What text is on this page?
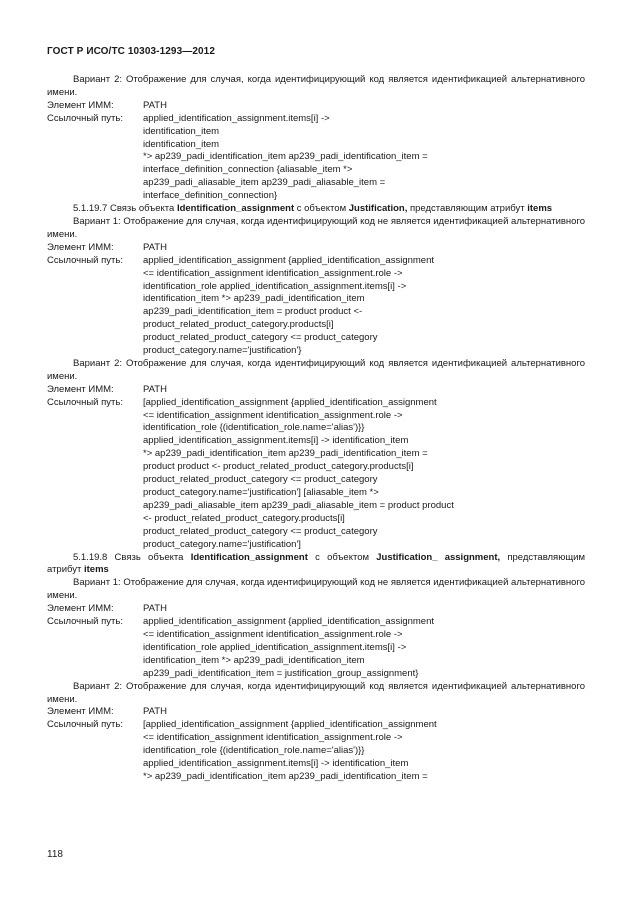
ГОСТ Р ИСО/ТС 10303-1293—2012

Вариант 2: Отображение для случая, когда идентифицирующий код является идентификацией альтернативного имени.

Элемент ИММ:	PATH
Ссылочный путь:	applied_identification_assignment.items[i] ->
identification_item
identification_item
*> ap239_padi_identification_item ap239_padi_identification_item =
interface_definition_connection {aliasable_item *>
ap239_padi_aliasable_item ap239_padi_aliasable_item =
interface_definition_connection}

5.1.19.7 Связь объекта Identification_assignment с объектом Justification, представляющим атрибут items

Вариант 1: Отображение для случая, когда идентифицирующий код не является идентификацией альтернативного имени.

Элемент ИММ:	PATH
Ссылочный путь:	applied_identification_assignment {applied_identification_assignment
<= identification_assignment identification_assignment.role ->
identification_role applied_identification_assignment.items[i] ->
identification_item *> ap239_padi_identification_item
ap239_padi_identification_item = product product <-
product_related_product_category.products[i]
product_related_product_category <= product_category
product_category.name='justification'}

Вариант 2: Отображение для случая, когда идентифицирующий код является идентификацией альтернативного имени.

Элемент ИММ:	PATH
Ссылочный путь:	[applied_identification_assignment {applied_identification_assignment
<= identification_assignment identification_assignment.role ->
identification_role {(identification_role.name='alias')}}
applied_identification_assignment.items[i] -> identification_item
*> ap239_padi_identification_item ap239_padi_identification_item =
product product <- product_related_product_category.products[i]
product_related_product_category <= product_category
product_category.name='justification'] [aliasable_item *>
ap239_padi_aliasable_item ap239_padi_aliasable_item = product product
<- product_related_product_category.products[i]
product_related_product_category <= product_category
product_category.name='justification']

5.1.19.8 Связь объекта Identification_assignment с объектом Justification_ assignment, представляющим атрибут items

Вариант 1: Отображение для случая, когда идентифицирующий код не является идентификацией альтернативного имени.

Элемент ИММ:	PATH
Ссылочный путь:	applied_identification_assignment {applied_identification_assignment
<= identification_assignment identification_assignment.role ->
identification_role applied_identification_assignment.items[i] ->
identification_item *> ap239_padi_identification_item
ap239_padi_identification_item = justification_group_assignment}

Вариант 2: Отображение для случая, когда идентифицирующий код является идентификацией альтернативного имени.

Элемент ИММ:	PATH
Ссылочный путь:	[applied_identification_assignment {applied_identification_assignment
<= identification_assignment identification_assignment.role ->
identification_role {(identification_role.name='alias')}}
applied_identification_assignment.items[i] -> identification_item
*> ap239_padi_identification_item ap239_padi_identification_item =
118
